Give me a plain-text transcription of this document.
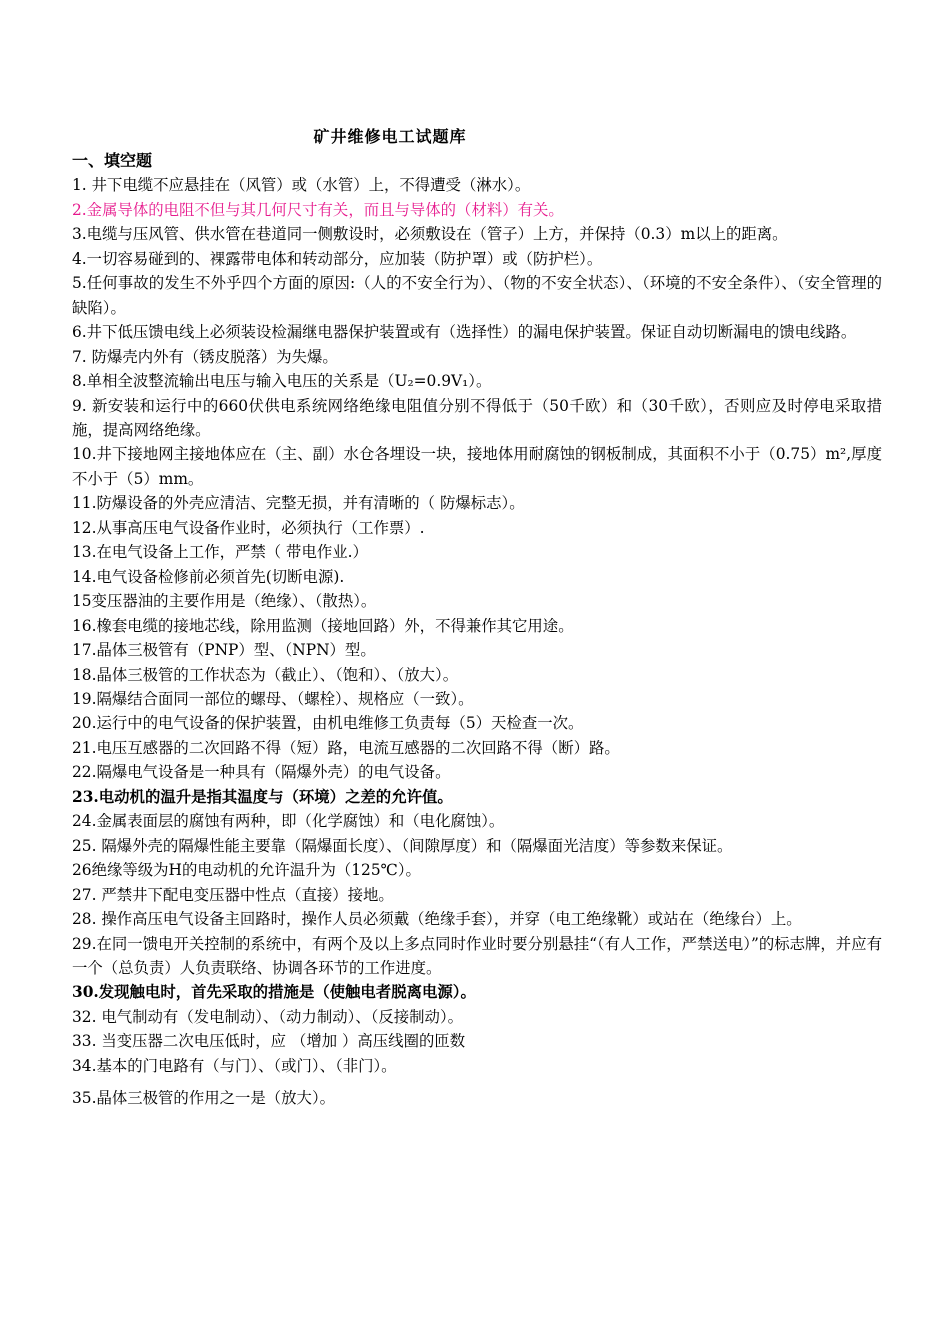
矿井维修电工试题库

一、填空题

1. 井下电缆不应悬挂在（风管）或（水管）上，不得遭受（淋水）。

2.金属导体的电阻不但与其几何尺寸有关，而且与导体的（材料）有关。

3.电缆与压风管、供水管在巷道同一侧敷设时，必须敷设在（管子）上方，并保持（0.3）m以上的距离。

4.一切容易碰到的、裸露带电体和转动部分，应加装（防护罩）或（防护栏）。

5.任何事故的发生不外乎四个方面的原因:（人的不安全行为）、（物的不安全状态）、（环境的不安全条件）、（安全管理的缺陷）。

6.井下低压馈电线上必须装设检漏继电器保护装置或有（选择性）的漏电保护装置。保证自动切断漏电的馈电线路。

7. 防爆壳内外有（锈皮脱落）为失爆。

8.单相全波整流输出电压与输入电压的关系是（U₂=0.9V₁）。

9. 新安装和运行中的660伏供电系统网络绝缘电阻值分别不得低于（50千欧）和（30千欧），否则应及时停电采取措施，提高网络绝缘。

10.井下接地网主接地体应在（主、副）水仓各埋设一块，接地体用耐腐蚀的钢板制成，其面积不小于（0.75）m²,厚度不小于（5）mm。

11.防爆设备的外壳应清洁、完整无损，并有清晰的（ 防爆标志）。

12.从事高压电气设备作业时，必须执行（工作票）.

13.在电气设备上工作，严禁（ 带电作业.）

14.电气设备检修前必须首先(切断电源).

15变压器油的主要作用是（绝缘）、（散热）。

16.橡套电缆的接地芯线，除用监测（接地回路）外，不得兼作其它用途。

17.晶体三极管有（PNP）型、（NPN）型。

18.晶体三极管的工作状态为（截止）、（饱和）、（放大）。

19.隔爆结合面同一部位的螺母、（螺栓）、规格应（一致）。

20.运行中的电气设备的保护装置，由机电维修工负责每（5）天检查一次。

21.电压互感器的二次回路不得（短）路，电流互感器的二次回路不得（断）路。

22.隔爆电气设备是一种具有（隔爆外壳）的电气设备。

23.电动机的温升是指其温度与（环境）之差的允许值。

24.金属表面层的腐蚀有两种，即（化学腐蚀）和（电化腐蚀）。

25. 隔爆外壳的隔爆性能主要靠（隔爆面长度）、（间隙厚度）和（隔爆面光洁度）等参数来保证。

26绝缘等级为H的电动机的允许温升为（125℃）。

27. 严禁井下配电变压器中性点（直接）接地。

28. 操作高压电气设备主回路时，操作人员必须戴（绝缘手套），并穿（电工绝缘靴）或站在（绝缘台）上。

29.在同一馈电开关控制的系统中，有两个及以上多点同时作业时要分别悬挂“（有人工作，严禁送电）”的标志牌，并应有一个（总负责）人负责联络、协调各环节的工作进度。

30.发现触电时，首先采取的措施是（使触电者脱离电源）。

32. 电气制动有（发电制动）、（动力制动）、（反接制动）。

33. 当变压器二次电压低时，应 （增加 ）高压线圈的匝数

34.基本的门电路有（与门）、（或门）、（非门）。

35.晶体三极管的作用之一是（放大）。
